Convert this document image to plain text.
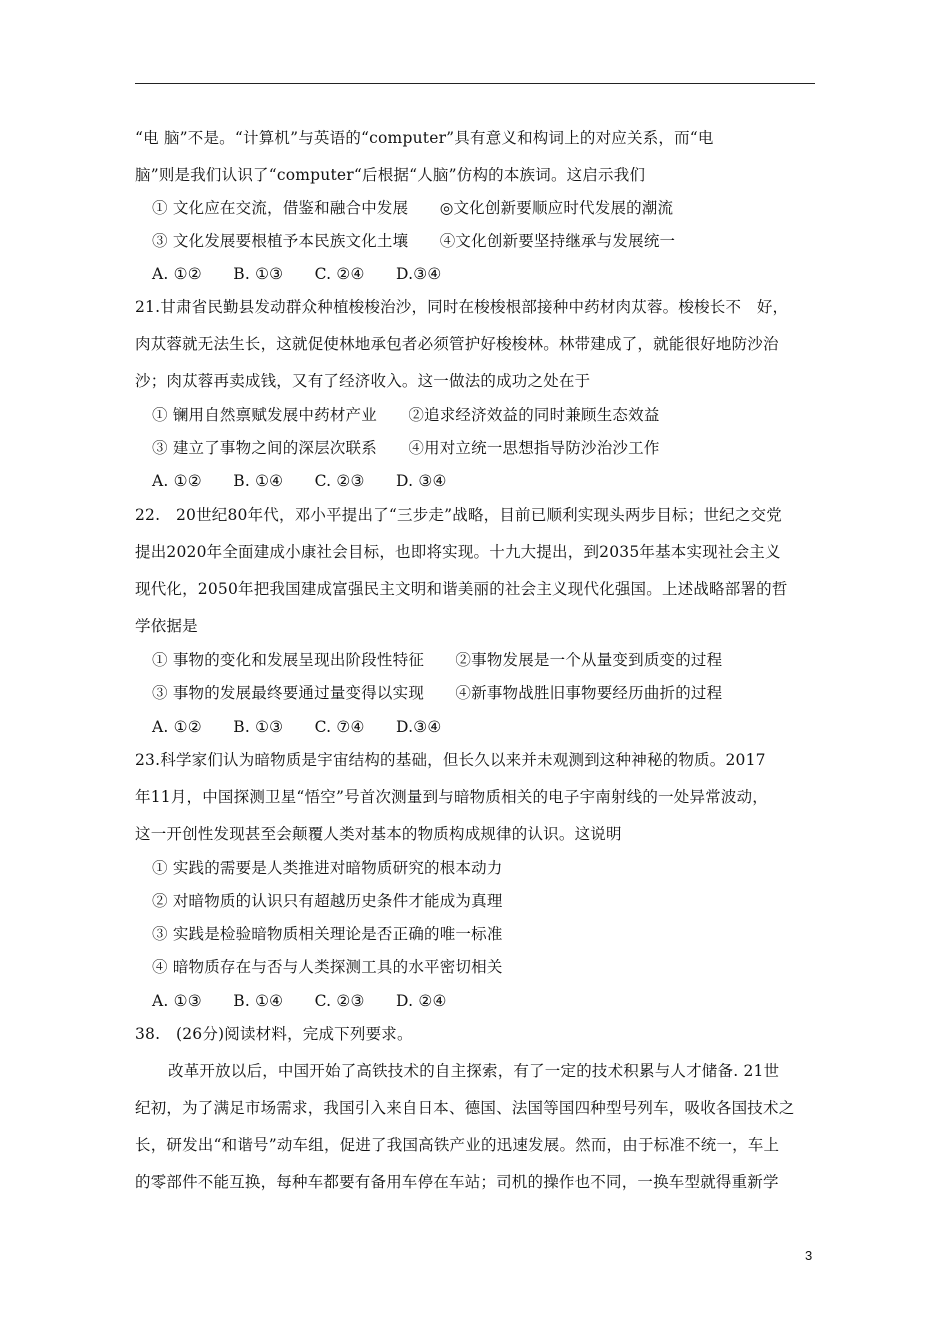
“电 脑”不是。“计算机”与英语的“computer”具有意义和构词上的对应关系，而“电
脑”则是我们认识了“computer“后根据“人脑”仿构的本族词。这启示我们
① 文化应在交流，借鉴和融合中发展　　◎文化创新要顺应时代发展的潮流
③ 文化发展要根植予本民族文化土壤　　④文化创新要坚持继承与发展统一
A. ①②　　B. ①③　　C. ②④　　D.③④
21.甘肃省民勤县发动群众种植梭梭治沙，同时在梭梭根部接种中药材肉苁蓉。梭梭长不　好，
肉苁蓉就无法生长，这就促使林地承包者必须管护好梭梭林。林带建成了，就能很好地防沙治
沙；肉苁蓉再卖成钱，又有了经济收入。这一做法的成功之处在于
① 镧用自然禀赋发展中药材产业　　②追求经济效益的同时兼顾生态效益
③ 建立了事物之间的深层次联系　　④用对立统一思想指导防沙治沙工作
A. ①②　　B. ①④　　C. ②③　　D. ③④
22.　20世纪80年代，邓小平提出了“三步走”战略，目前已顺利实现头两步目标；世纪之交党
提出2020年全面建成小康社会目标，也即将实现。十九大提出，到2035年基本实现社会主义
现代化，2050年把我国建成富强民主文明和谐美丽的社会主义现代化强国。上述战略部署的哲
学依据是
① 事物的变化和发展呈现出阶段性特征　　②事物发展是一个从量变到质变的过程
③ 事物的发展最终要通过量变得以实现　　④新事物战胜旧事物要经历曲折的过程
A. ①②　　B. ①③　　C. ⑦④　　D.③④
23.科学家们认为暗物质是宇宙结构的基础，但长久以来并未观测到这种神秘的物质。2017
年11月，中国探测卫星“悟空”号首次测量到与暗物质相关的电子宇南射线的一处异常波动，
这一开创性发现甚至会颠覆人类对基本的物质构成规律的认识。这说明
① 实践的需要是人类推进对暗物质研究的根本动力
② 对暗物质的认识只有超越历史条件才能成为真理
③ 实践是检验暗物质相关理论是否正确的唯一标准
④ 暗物质存在与否与人类探测工具的水平密切相关
A. ①③　　B. ①④　　C. ②③　　D. ②④
38.　(26分)阅读材料，完成下列要求。
改革开放以后，中国开始了高铁技术的自主探索，有了一定的技术积累与人才储备. 21世
纪初，为了满足市场需求，我国引入来自日本、德国、法国等国四种型号列车，吸收各国技术之
长，研发出“和谐号”动车组，促进了我国高铁产业的迅速发展。然而，由于标准不统一，车上
的零部件不能互换，每种车都要有备用车停在车站；司机的操作也不同，一换车型就得重新学
3
